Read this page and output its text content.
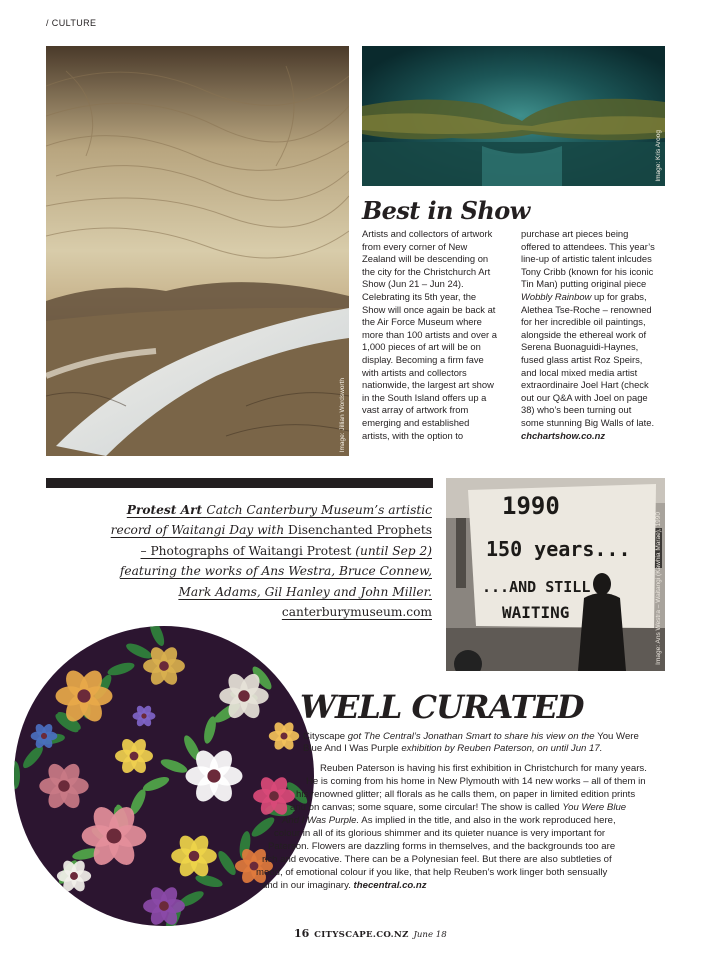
/ CULTURE
Image: Jillian Wordsworth
Image: Kris Aroog
Best in Show

Artists and collectors of artwork

from every corner of New

Zealand will be descending on

the city for the Christchurch Art

Show (Jun 21 – Jun 24).

Celebrating its 5th year, the

Show will once again be back at

the Air Force Museum where

more than 100 artists and over a

1,000 pieces of art will be on

display. Becoming a firm fave

with artists and collectors

nationwide, the largest art show

in the South Island offers up a

vast array of artwork from

emerging and established

artists, with the option to

purchase art pieces being

offered to attendees. This year’s

line-up of artistic talent inlcudes

Tony Cribb (known for his iconic

Tin Man) putting original piece

Wobbly Rainbow up for grabs,

Alethea Tse-Roche – renowned

for her incredible oil paintings,

alongside the ethereal work of

Serena Buonaguidi-Haynes,

fused glass artist Roz Speirs,

and local mixed media artist

extraordinaire Joel Hart (check

out our Q&A with Joel on page

38) who’s been turning out

some stunning Big Walls of late.

chchartshow.co.nz

Protest Art Catch Canterbury Museum’s artistic
record of Waitangi Day with Disenchanted Prophets
– Photographs of Waitangi Protest (until Sep 2)
featuring the works of Ans Westra, Bruce Connew,
Mark Adams, Gil Hanley and John Miller.
canterburymuseum.com
1990
150 years...
...AND STILL
WAITING	Image: Ans Westra – Waitangi (Kawhia Marae), 1990
WELL CURATED
Cityscape got The Central’s Jonathan Smart to share his view on the You Were
Blue And I Was Purple exhibition by Reuben Paterson, on until Jun 17.
Reuben Paterson is having his first exhibition in Christchurch for many years.
He is coming from his home in New Plymouth with 14 new works – all of them in
his renowned glitter; all florals as he calls them, on paper in limited edition prints
and on canvas; some square, some circular! The show is called You Were Blue
And I Was Purple. As implied in the title, and also in the work reproduced here,
colour in all of its glorious shimmer and its quieter nuance is very important for
Paterson. Flowers are dazzling forms in themselves, and the backgrounds too are
rich and evocative. There can be a Polynesian feel. But there are also subtleties of
mood, of emotional colour if you like, that help Reuben’s work linger both sensually
and in our imaginary. thecentral.co.nz
16 CITYSCAPE.CO.NZ June 18
